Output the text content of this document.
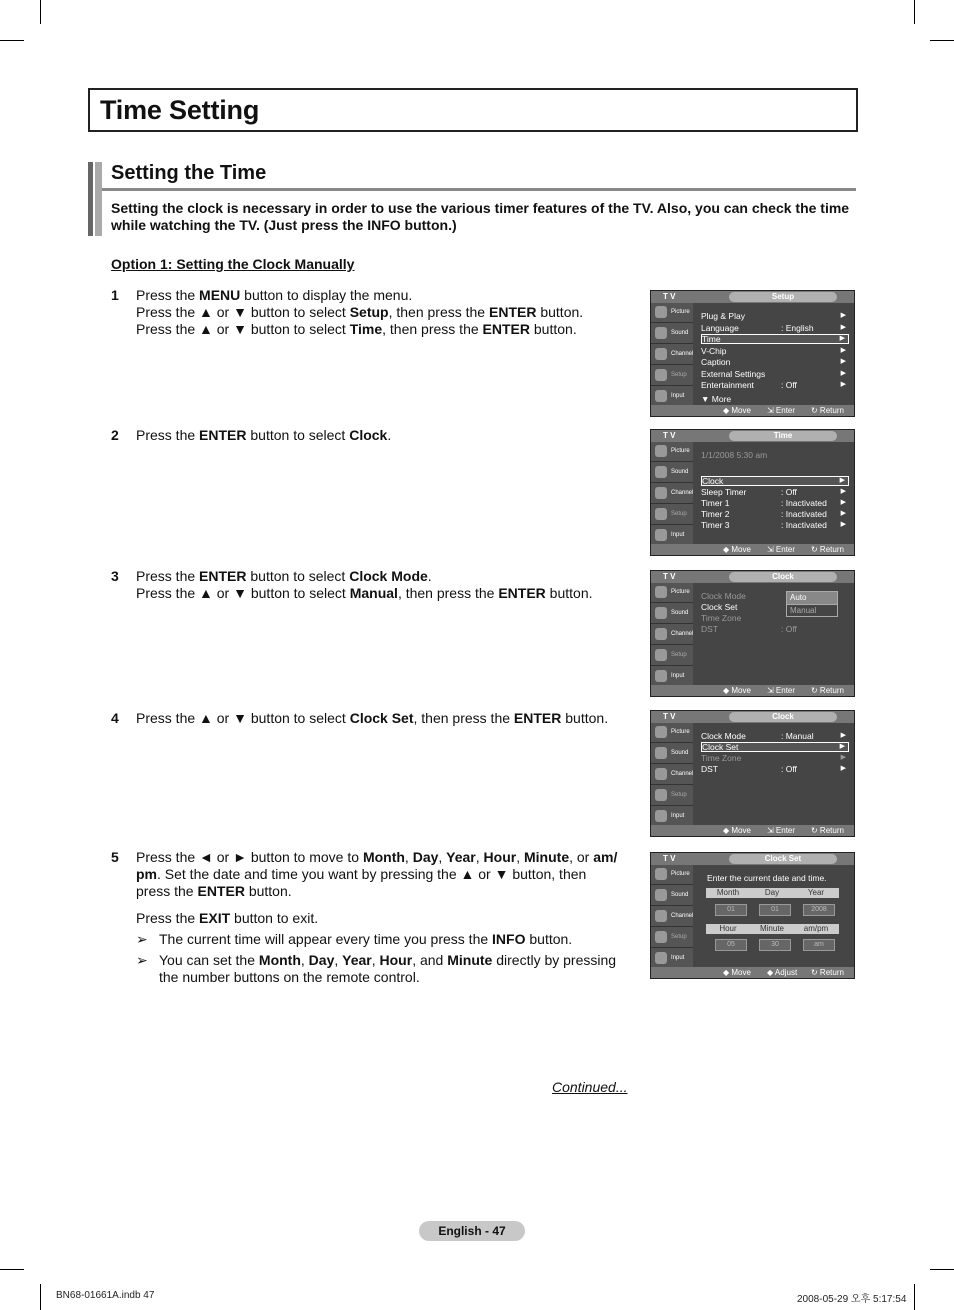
Time Setting
Setting the Time
Setting the clock is necessary in order to use the various timer features of the TV. Also, you can check the time while watching the TV. (Just press the INFO button.)
Option 1: Setting the Clock Manually
1 Press the MENU button to display the menu.

Press the ▲ or ▼ button to select Setup, then press the ENTER button.

Press the ▲ or ▼ button to select Time, then press the ENTER button.

2 Press the ENTER button to select Clock.

3 Press the ENTER button to select Clock Mode.

Press the ▲ or ▼ button to select Manual, then press the ENTER button.

4 Press the ▲ or ▼ button to select Clock Set, then press the ENTER button.

5 Press the ◄ or ► button to move to Month, Day, Year, Hour, Minute, or am/ pm. Set the date and time you want by pressing the ▲ or ▼ button, then press the ENTER button.

Press the EXIT button to exit.

➢ The current time will appear every time you press the INFO button.
➢ You can set the Month, Day, Year, Hour, and Minute directly by pressing the number buttons on the remote control.
T V	Setup
Picture
Sound
Channel
Setup
Input
Plug & Play	▶
Language	: English	▶
Time	▶
V-Chip	▶
Caption	▶
External Settings	▶
Entertainment	: Off	▶
▼ More
◆ Move ⇲ Enter ↻ Return
T V	Time
Picture
Sound
Channel
Setup
Input
1/1/2008 5:30 am
Clock	▶
Sleep Timer	: Off	▶
Timer 1	: Inactivated ▶
Timer 2	: Inactivated ▶
Timer 3	: Inactivated ▶
◆ Move ⇲ Enter ↻ Return
T V	Clock
Picture
Sound
Channel
Setup
Input
Clock Mode
Clock Set
Time Zone
DST	: Off
Auto
Manual
◆ Move ⇲ Enter ↻ Return
T V	Clock
Picture
Sound
Channel
Setup
Input
Clock Mode	: Manual	▶
Clock Set	▶
Time Zone	▶
DST	: Off	▶
◆ Move ⇲ Enter ↻ Return
T V	Clock Set
Picture
Sound
Channel
Setup
Input
Enter the current date and time.
Month	Day	Year
01	01	2008
Hour	Minute	am/pm
05	30	am
◆ Move ◆ Adjust ↻ Return
Continued...
English - 47
BN68-01661A.indb 47	2008-05-29 오후 5:17:54
